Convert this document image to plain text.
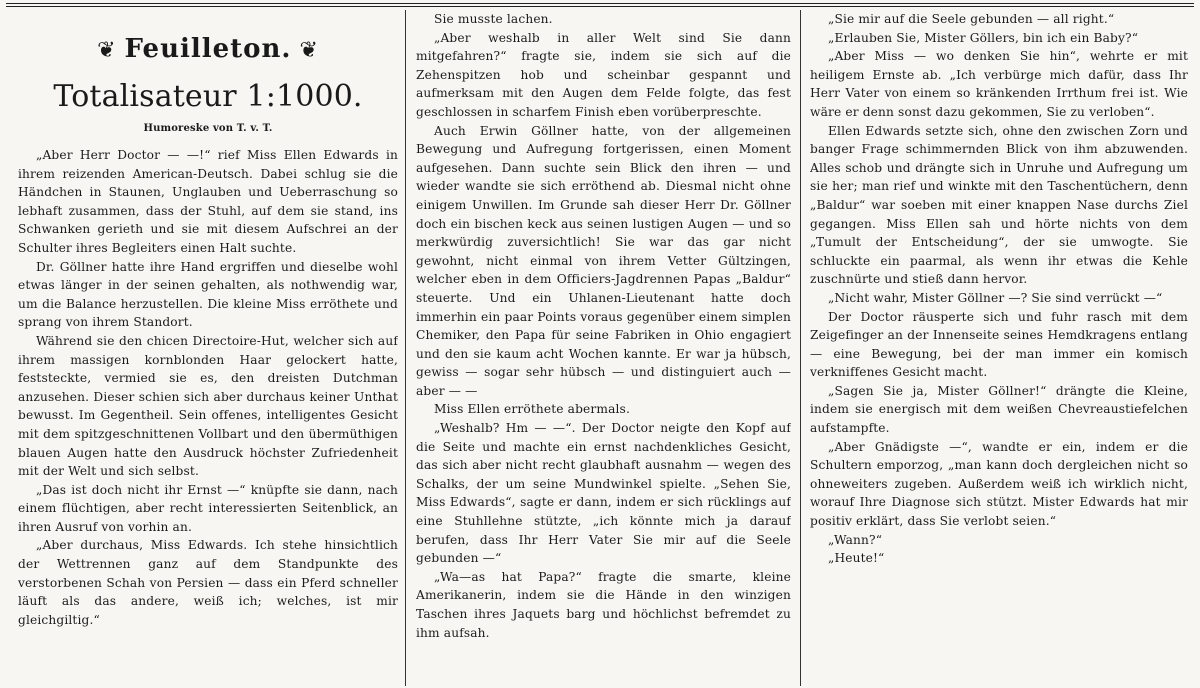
❦ Feuilleton. ❦
Totalisateur 1:1000.
Humoreske von T. v. T.

„Aber Herr Doctor — —!“ rief Miss Ellen Edwards in ihrem reizenden American-Deutsch. Dabei schlug sie die Händchen in Staunen, Unglauben und Ueberraschung so lebhaft zusammen, dass der Stuhl, auf dem sie stand, ins Schwanken gerieth und sie mit diesem Aufschrei an der Schulter ihres Begleiters einen Halt suchte.

Dr. Göllner hatte ihre Hand ergriffen und dieselbe wohl etwas länger in der seinen gehalten, als nothwendig war, um die Balance herzustellen. Die kleine Miss erröthete und sprang von ihrem Standort.

Während sie den chicen Directoire-Hut, welcher sich auf ihrem massigen kornblonden Haar gelockert hatte, feststeckte, vermied sie es, den dreisten Dutchman anzusehen. Dieser schien sich aber durchaus keiner Unthat bewusst. Im Gegentheil. Sein offenes, intelligentes Gesicht mit dem spitzgeschnittenen Vollbart und den übermüthigen blauen Augen hatte den Ausdruck höchster Zufriedenheit mit der Welt und sich selbst.

„Das ist doch nicht ihr Ernst —“ knüpfte sie dann, nach einem flüchtigen, aber recht interessierten Seitenblick, an ihren Ausruf von vorhin an.

„Aber durchaus, Miss Edwards. Ich stehe hinsichtlich der Wettrennen ganz auf dem Standpunkte des verstorbenen Schah von Persien — dass ein Pferd schneller läuft als das andere, weiß ich; welches, ist mir gleichgiltig.“

Sie musste lachen.

„Aber weshalb in aller Welt sind Sie dann mitgefahren?“ fragte sie, indem sie sich auf die Zehenspitzen hob und scheinbar gespannt und aufmerksam mit den Augen dem Felde folgte, das fest geschlossen in scharfem Finish eben vorüberpreschte.

Auch Erwin Göllner hatte, von der allgemeinen Bewegung und Aufregung fortgerissen, einen Moment aufgesehen. Dann suchte sein Blick den ihren — und wieder wandte sie sich erröthend ab. Diesmal nicht ohne einigem Unwillen. Im Grunde sah dieser Herr Dr. Göllner doch ein bischen keck aus seinen lustigen Augen — und so merkwürdig zuversichtlich! Sie war das gar nicht gewohnt, nicht einmal von ihrem Vetter Gültzingen, welcher eben in dem Officiers-Jagdrennen Papas „Baldur“ steuerte. Und ein Uhlanen-Lieutenant hatte doch immerhin ein paar Points voraus gegenüber einem simplen Chemiker, den Papa für seine Fabriken in Ohio engagiert und den sie kaum acht Wochen kannte. Er war ja hübsch, gewiss — sogar sehr hübsch — und distinguiert auch — aber — —

Miss Ellen erröthete abermals.

„Weshalb? Hm — —“. Der Doctor neigte den Kopf auf die Seite und machte ein ernst nachdenkliches Gesicht, das sich aber nicht recht glaubhaft ausnahm — wegen des Schalks, der um seine Mundwinkel spielte. „Sehen Sie, Miss Edwards“, sagte er dann, indem er sich rücklings auf eine Stuhllehne stützte, „ich könnte mich ja darauf berufen, dass Ihr Herr Vater Sie mir auf die Seele gebunden —“

„Wa—as hat Papa?“ fragte die smarte, kleine Amerikanerin, indem sie die Hände in den winzigen Taschen ihres Jaquets barg und höchlichst befremdet zu ihm aufsah.

„Sie mir auf die Seele gebunden — all right.“

„Erlauben Sie, Mister Göllers, bin ich ein Baby?“

„Aber Miss — wo denken Sie hin“, wehrte er mit heiligem Ernste ab. „Ich verbürge mich dafür, dass Ihr Herr Vater von einem so kränkenden Irrthum frei ist. Wie wäre er denn sonst dazu gekommen, Sie zu verloben“.

Ellen Edwards setzte sich, ohne den zwischen Zorn und banger Frage schimmernden Blick von ihm abzuwenden. Alles schob und drängte sich in Unruhe und Aufregung um sie her; man rief und winkte mit den Taschentüchern, denn „Baldur“ war soeben mit einer knappen Nase durchs Ziel gegangen. Miss Ellen sah und hörte nichts von dem „Tumult der Entscheidung“, der sie umwogte. Sie schluckte ein paarmal, als wenn ihr etwas die Kehle zuschnürte und stieß dann hervor.

„Nicht wahr, Mister Göllner —? Sie sind verrückt —“

Der Doctor räusperte sich und fuhr rasch mit dem Zeigefinger an der Innenseite seines Hemdkragens entlang — eine Bewegung, bei der man immer ein komisch verkniffenes Gesicht macht.

„Sagen Sie ja, Mister Göllner!“ drängte die Kleine, indem sie energisch mit dem weißen Chevreaustiefelchen aufstampfte.

„Aber Gnädigste —“, wandte er ein, indem er die Schultern emporzog, „man kann doch dergleichen nicht so ohneweiters zugeben. Außerdem weiß ich wirklich nicht, worauf Ihre Diagnose sich stützt. Mister Edwards hat mir positiv erklärt, dass Sie verlobt seien.“

„Wann?“

„Heute!“
